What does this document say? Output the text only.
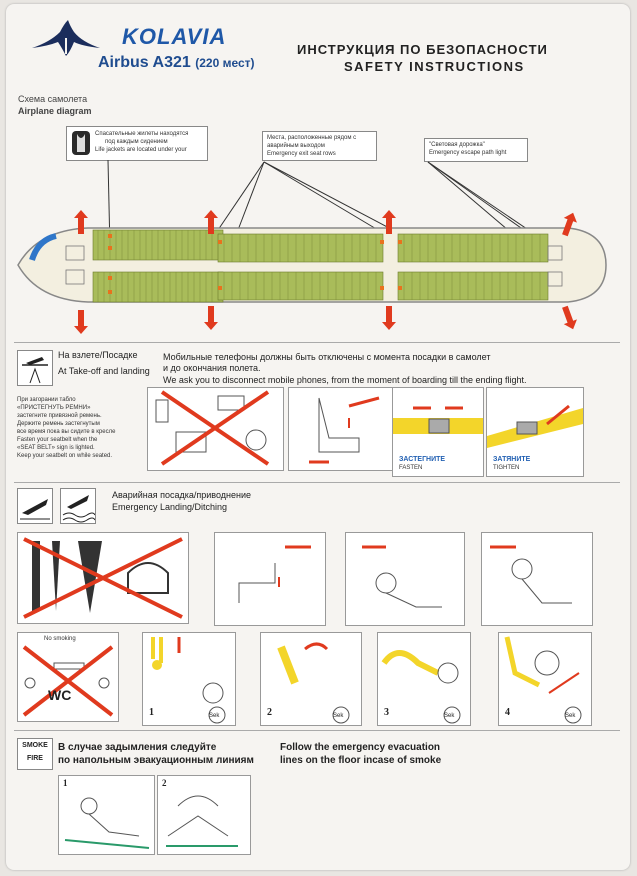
KOLAVIA
Airbus A321 (220 мест)
ИНСТРУКЦИЯ ПО БЕЗОПАСНОСТИ
SAFETY INSTRUCTIONS
Схема самолета
Airplane diagram
Спасательные жилеты находятся
под каждым сидением
Life jackets are located under your
Места, расположенные рядом с
аварийным выходом
Emergency exit seat rows
"Световая дорожка"
Emergency escape path light
На взлете/Посадке
At Take-off and landing
Мобильные телефоны должны быть отключены с момента посадки в самолет
и до окончания полета.
We ask you to disconnect mobile phones, from the moment of boarding till the ending flight.
При загорании табло
«ПРИСТЕГНУТЬ РЕМНИ»
застегните привязной ремень.
Держите ремень застегнутым
все время пока вы сидите в кресле
Fasten your seatbelt when the
«SEAT BELT» sign is lighted.
Keep your seatbelt on while seated.	ЗАСТЕГНИТЕ
FASTEN
ЗАТЯНИТЕ
TIGHTEN
Аварийная посадка/приводнение
Emergency Landing/Ditching
No smoking
WC
1	Sek	2	Sek	3	Sek	4	Sek
SMOKE
FIRE
В случае задымления следуйте
по напольным эвакуационным линиям
Follow the emergency evacuation
lines on the floor incase of smoke
1	2
